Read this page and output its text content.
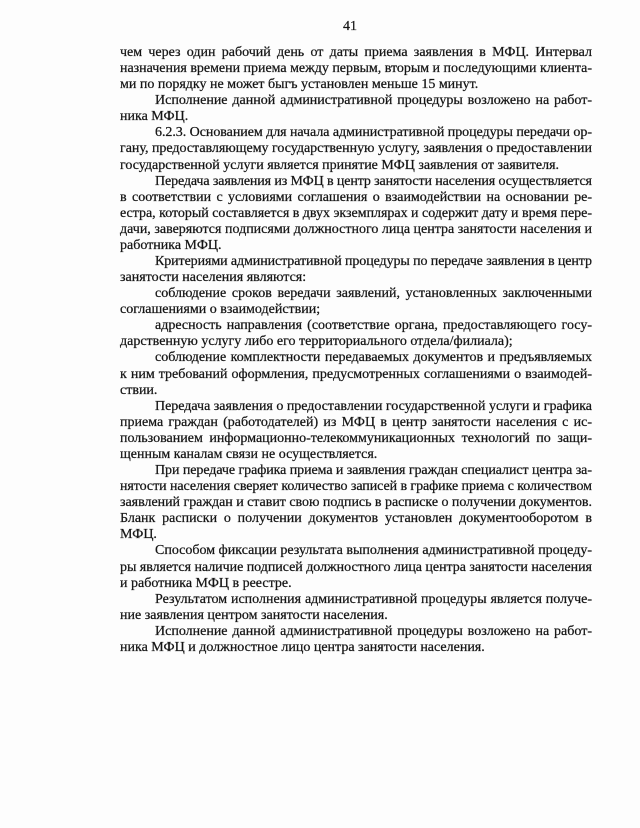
41
чем через один рабочий день от даты приема заявления в МФЦ. Интервал
назначения времени приема между первым, вторым и последующими клиента-
ми по порядку не может быгъ установлен меньше 15 минут.
Исполнение данной административной процедуры возложено на работ-
ника МФЦ.
6.2.3. Основанием для начала административной процедуры передачи ор-
гану, предоставляющему государственную услугу, заявления о предоставлении
государственной услуги является принятие МФЦ заявления от заявителя.
Передача заявления из МФЦ в центр занятости населения осуществляется
в соответствии с условиями соглашения о взаимодействии на основании ре-
естра, который составляется в двух экземплярах и содержит дату и время пере-
дачи, заверяются подписями должностного лица центра занятости населения и
работника МФЦ.
Критериями административной процедуры по передаче заявления в центр
занятости населения являются:
соблюдение сроков вередачи заявлений, установленных заключенными
соглашениями о взаимодействии;
адресность направления (соответствие органа, предоставляющего госу-
дарственную услугу либо его территориального отдела/филиала);
соблюдение комплектности передаваемых документов и предъявляемых
к ним требований оформления, предусмотренных соглашениями о взаимодей-
ствии.
Передача заявления о предоставлении государственной услуги и графика
приема граждан (работодателей) из МФЦ в центр занятости населения с ис-
пользованием информационно-телекоммуникационных технологий по защи-
щенным каналам связи не осуществляется.
При передаче графика приема и заявления граждан специалист центра за-
нятости населения сверяет количество записей в графике приема с количеством
заявлений граждан и ставит свою подпись в расписке о получении документов.
Бланк расписки о получении документов установлен документооборотом в
МФЦ.
Способом фиксации результата выполнения административной процеду-
ры является наличие подписей должностного лица центра занятости населения
и работника МФЦ в реестре.
Результатом исполнения административной процедуры является получе-
ние заявления центром занятости населения.
Исполнение данной административной процедуры возложено на работ-
ника МФЦ и должностное лицо центра занятости населения.
